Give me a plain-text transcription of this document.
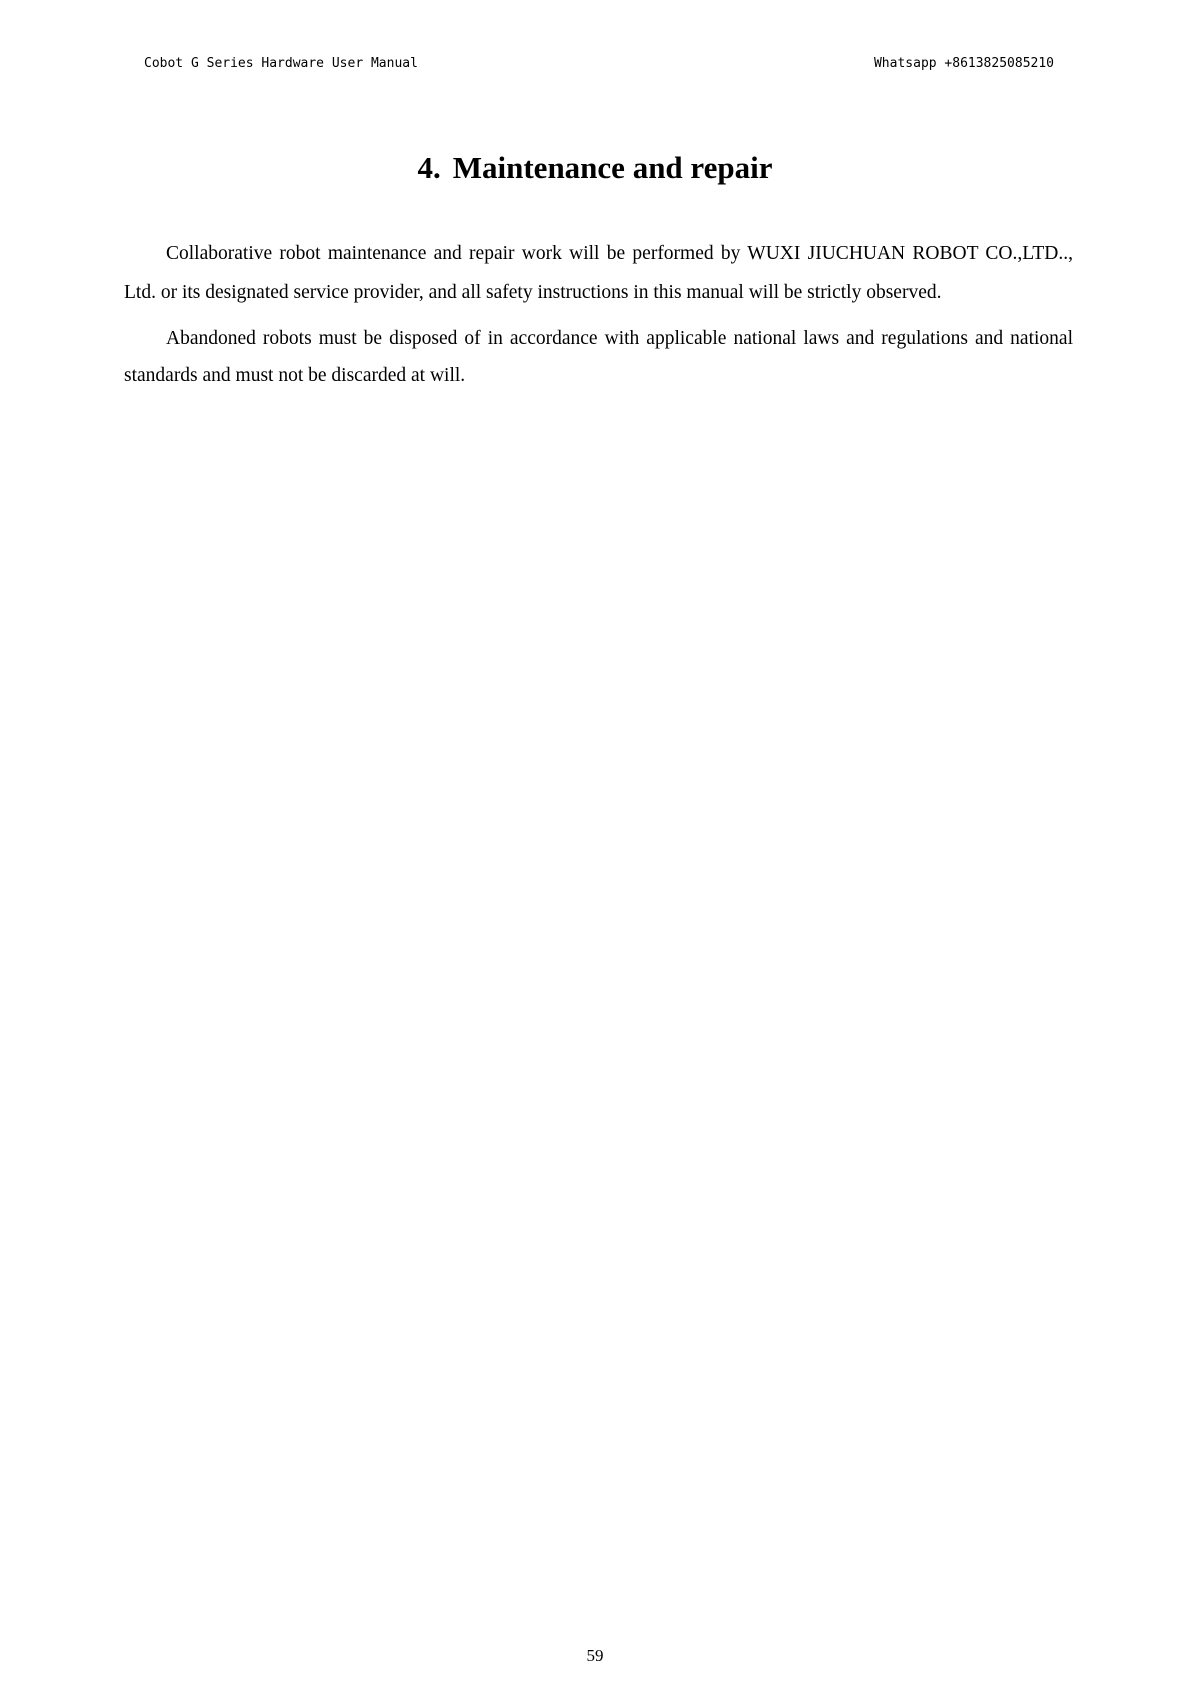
Cobot G Series Hardware User Manual	Whatsapp +8613825085210
4. Maintenance and repair

Collaborative robot maintenance and repair work will be performed by WUXI JIUCHUAN ROBOT CO.,LTD.., Ltd. or its designated service provider, and all safety instructions in this manual will be strictly observed.

Abandoned robots must be disposed of in accordance with applicable national laws and regulations and national standards and must not be discarded at will.

59
